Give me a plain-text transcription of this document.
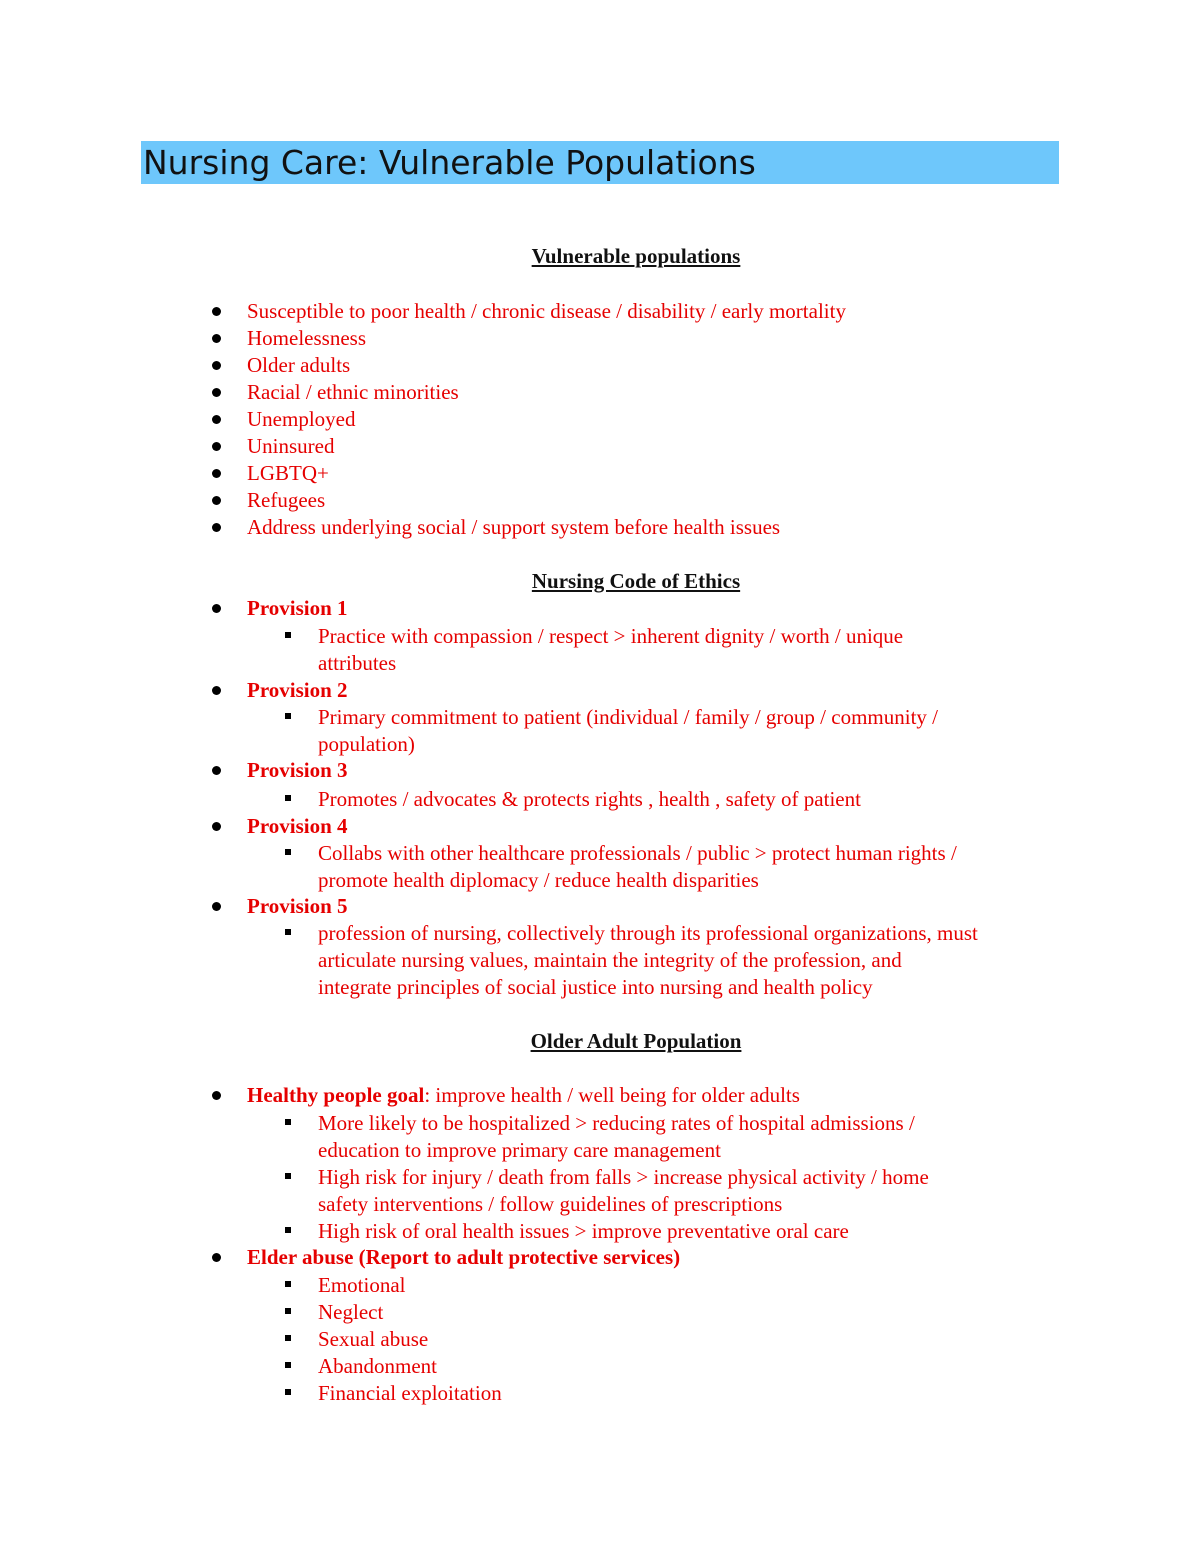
Nursing Care: Vulnerable Populations
Vulnerable populations
Susceptible to poor health / chronic disease / disability / early mortality
Homelessness
Older adults
Racial / ethnic minorities
Unemployed
Uninsured
LGBTQ+
Refugees
Address underlying social / support system before health issues
Nursing Code of Ethics
Provision 1
Practice with compassion / respect > inherent dignity / worth / unique
attributes
Provision 2
Primary commitment to patient (individual / family / group / community /
population)
Provision 3
Promotes / advocates & protects rights , health , safety of patient
Provision 4
Collabs with other healthcare professionals / public > protect human rights /
promote health diplomacy / reduce health disparities
Provision 5
profession of nursing, collectively through its professional organizations, must
articulate nursing values, maintain the integrity of the profession, and
integrate principles of social justice into nursing and health policy
Older Adult Population
Healthy people goal: improve health / well being for older adults
More likely to be hospitalized > reducing rates of hospital admissions /
education to improve primary care management
High risk for injury / death from falls > increase physical activity / home
safety interventions / follow guidelines of prescriptions
High risk of oral health issues > improve preventative oral care
Elder abuse (Report to adult protective services)
Emotional
Neglect
Sexual abuse
Abandonment
Financial exploitation
